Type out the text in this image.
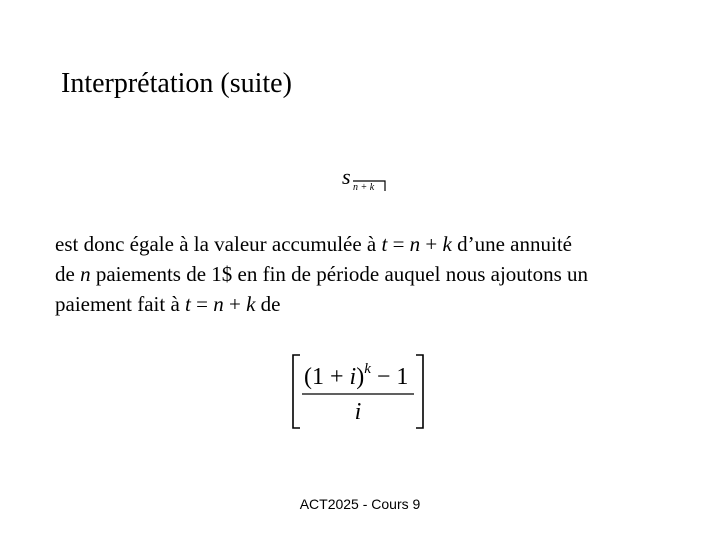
Interprétation (suite)
s n + k
est donc égale à la valeur accumulée à t = n + k d’une annuité
de n paiements de 1$ en fin de période auquel nous ajoutons un
paiement fait à t = n + k de
$(1 + i)^k - 1$
i
ACT2025 - Cours 9
